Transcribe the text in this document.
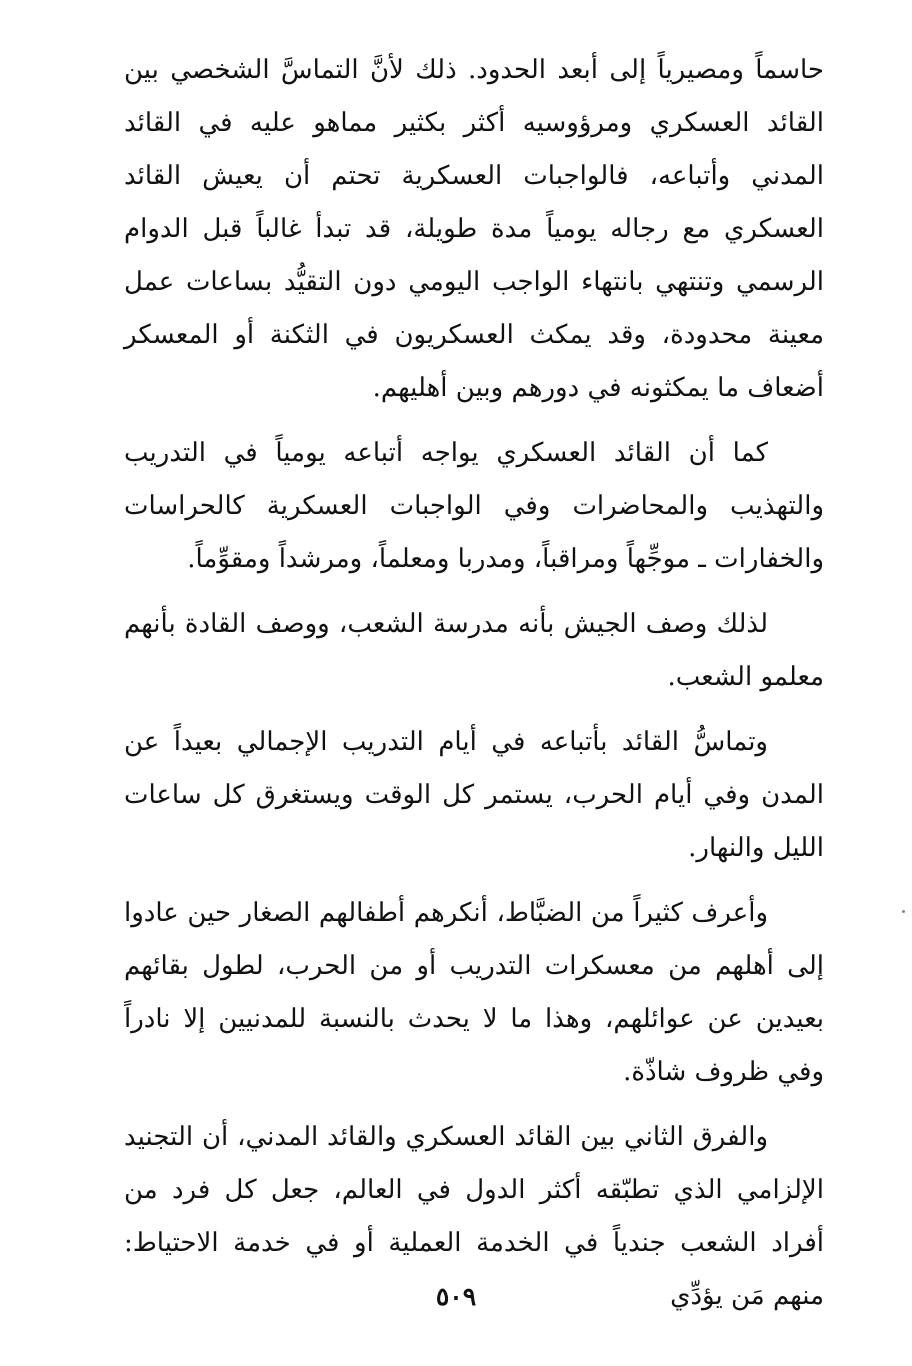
حاسماً ومصيرياً إلى أبعد الحدود. ذلك لأنَّ التماسَّ الشخصي بين القائد العسكري ومرؤوسيه أكثر بكثير مماهو عليه في القائد المدني وأتباعه، فالواجبات العسكرية تحتم أن يعيش القائد العسكري مع رجاله يومياً مدة طويلة، قد تبدأ غالباً قبل الدوام الرسمي وتنتهي بانتهاء الواجب اليومي دون التقيُّد بساعات عمل معينة محدودة، وقد يمكث العسكريون في الثكنة أو المعسكر أضعاف ما يمكثونه في دورهم وبين أهليهم.

كما أن القائد العسكري يواجه أتباعه يومياً في التدريب والتهذيب والمحاضرات وفي الواجبات العسكرية كالحراسات والخفارات ـ موجِّهاً ومراقباً، ومدربا ومعلماً، ومرشداً ومقوِّماً.

لذلك وصف الجيش بأنه مدرسة الشعب، ووصف القادة بأنهم معلمو الشعب.

وتماسُّ القائد بأتباعه في أيام التدريب الإجمالي بعيداً عن المدن وفي أيام الحرب، يستمر كل الوقت ويستغرق كل ساعات الليل والنهار.

وأعرف كثيراً من الضبَّاط، أنكرهم أطفالهم الصغار حين عادوا إلى أهلهم من معسكرات التدريب أو من الحرب، لطول بقائهم بعيدين عن عوائلهم، وهذا ما لا يحدث بالنسبة للمدنيين إلا نادراً وفي ظروف شاذّة.

والفرق الثاني بين القائد العسكري والقائد المدني، أن التجنيد الإلزامي الذي تطبّقه أكثر الدول في العالم، جعل كل فرد من أفراد الشعب جندياً في الخدمة العملية أو في خدمة الاحتياط: منهم مَن يؤدِّي

٥٠٩
